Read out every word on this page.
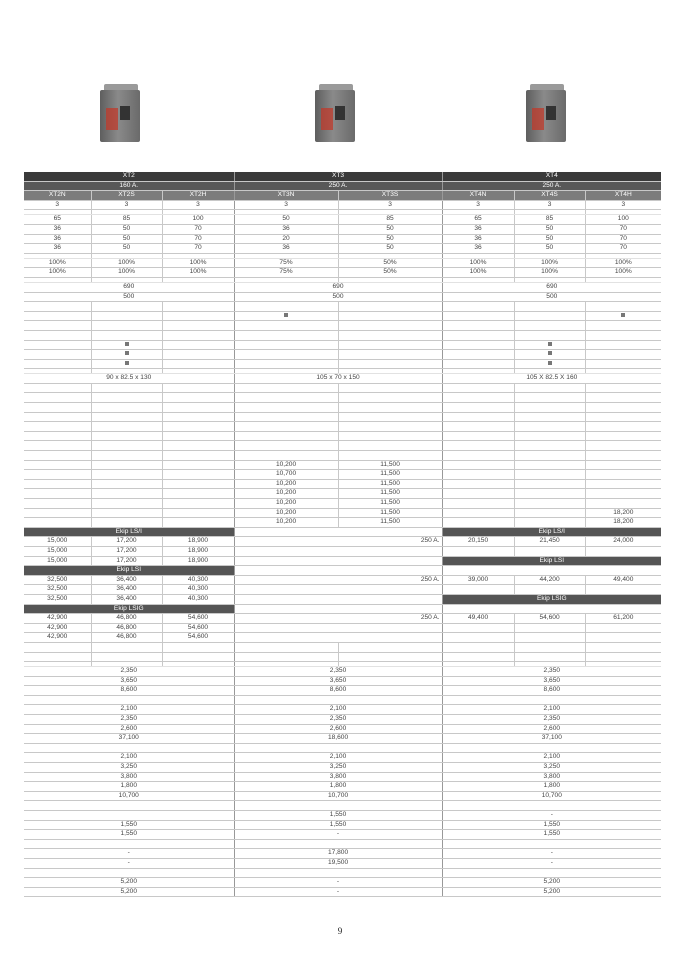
XT2			XT3		XT4		
160 A.			250 A.		250 A.		
XT2N	XT2S	XT2H	XT3N	XT3S	XT4N	XT4S	XT4H
3	3	3	3	3	3	3	3

65	85	100	50	85	65	85	100
36	50	70	36	50	36	50	70
36	50	70	20	50	36	50	70
36	50	70	36	50	36	50	70

100%	100%	100%	75%	50%	100%	100%	100%
100%	100%	100%	75%	50%	100%	100%	100%

690			690		690		
500			500		500		

90 x 82.5 x 130			105 x 70 x 150		105 X 82.5 X 160		

			10,200	11,500			
			10,700	11,500			
			10,200	11,500			
			10,200	11,500			
			10,200	11,500			
			10,200	11,500			18,200
			10,200	11,500			18,200
Ekip LS/I					Ekip LS/I		
15,000	17,200	18,900	250 A.		20,150	21,450	24,000
15,000	17,200	18,900					
15,000	17,200	18,900			Ekip LSI		
Ekip LSI							
32,500	36,400	40,300	250 A.		39,000	44,200	49,400
32,500	36,400	40,300					
32,500	36,400	40,300			Ekip LSIG		
Ekip LSIG							
42,900	46,800	54,600	250 A.		49,400	54,600	61,200
42,900	46,800	54,600					
42,900	46,800	54,600					

2,350			2,350		2,350		
3,650			3,650		3,650		
8,600			8,600		8,600		

2,100			2,100		2,100		
2,350			2,350		2,350		
2,600			2,600		2,600		
37,100			18,600		37,100		

2,100			2,100		2,100		
3,250			3,250		3,250		
3,800			3,800		3,800		
1,800			1,800		1,800		
10,700			10,700		10,700		

			1,550		-		
1,550			1,550		1,550		
1,550			-		1,550		

-			17,800		-		
-			19,500		-		

5,200			-		5,200		
5,200			-		5,200		
9
